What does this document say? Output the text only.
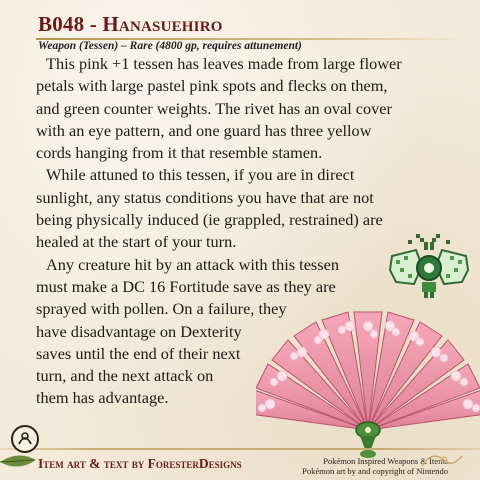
B048 - Hanasuehiro
Weapon (Tessen) – Rare (4800 gp, requires attunement)

This pink +1 tessen has leaves made from large flower
petals with large pastel pink spots and flecks on them,
and green counter weights. The rivet has an oval cover
with an eye pattern, and one guard has three yellow
cords hanging from it that resemble stamen.

While attuned to this tessen, if you are in direct
sunlight, any status conditions you have that are not
being physically induced (ie grappled, restrained) are
healed at the start of your turn.

Any creature hit by an attack with this tessen
must make a DC 16 Fortitude save as they are
sprayed with pollen. On a failure, they
have disadvantage on Dexterity
saves until the end of their next
turn, and the next attack on
them has advantage.

Item art & text by ForesterDesigns	Pokémon Inspired Weapons & Items
Pokémon art by and copyright of Nintendo
